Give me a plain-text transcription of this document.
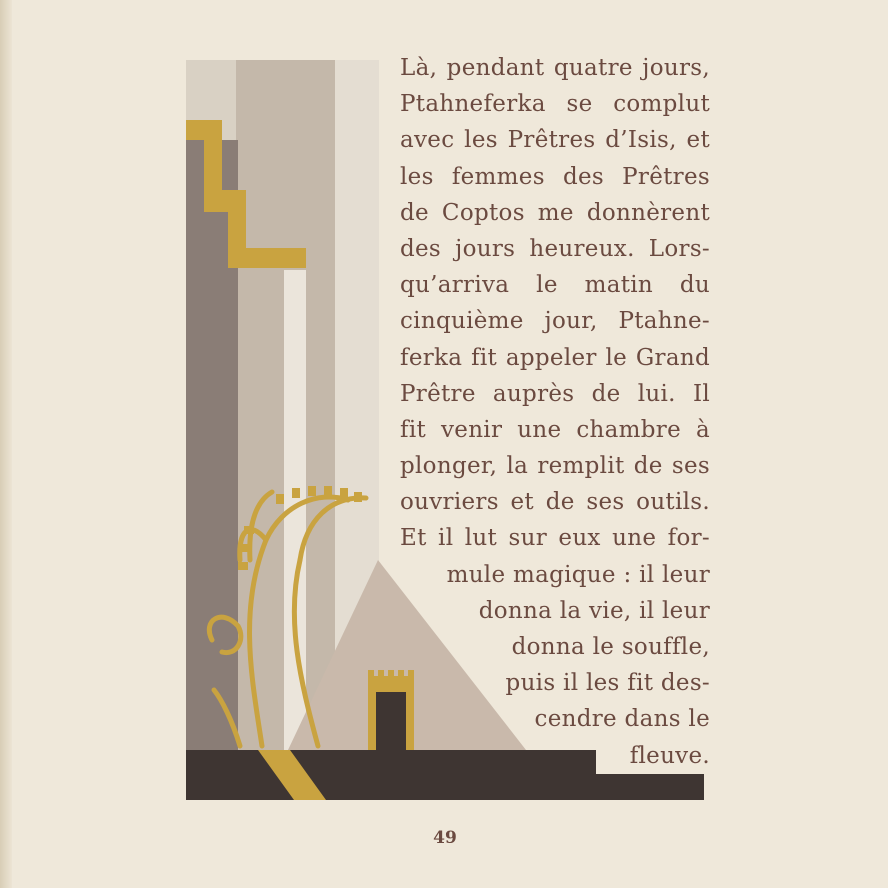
Là, pendant quatre jours,
Ptahneferka se complut
avec les Prêtres d’Isis, et
les femmes des Prêtres
de Coptos me donnèrent
des jours heureux. Lors-
qu’arriva le matin du
cinquième jour, Ptahne-
ferka fit appeler le Grand
Prêtre auprès de lui. Il
fit venir une chambre à
plonger, la remplit de ses
ouvriers et de ses outils.
Et il lut sur eux une for-
mule magique : il leur
donna la vie, il leur
donna le souffle,
puis il les fit des-
cendre dans le
fleuve.
49
